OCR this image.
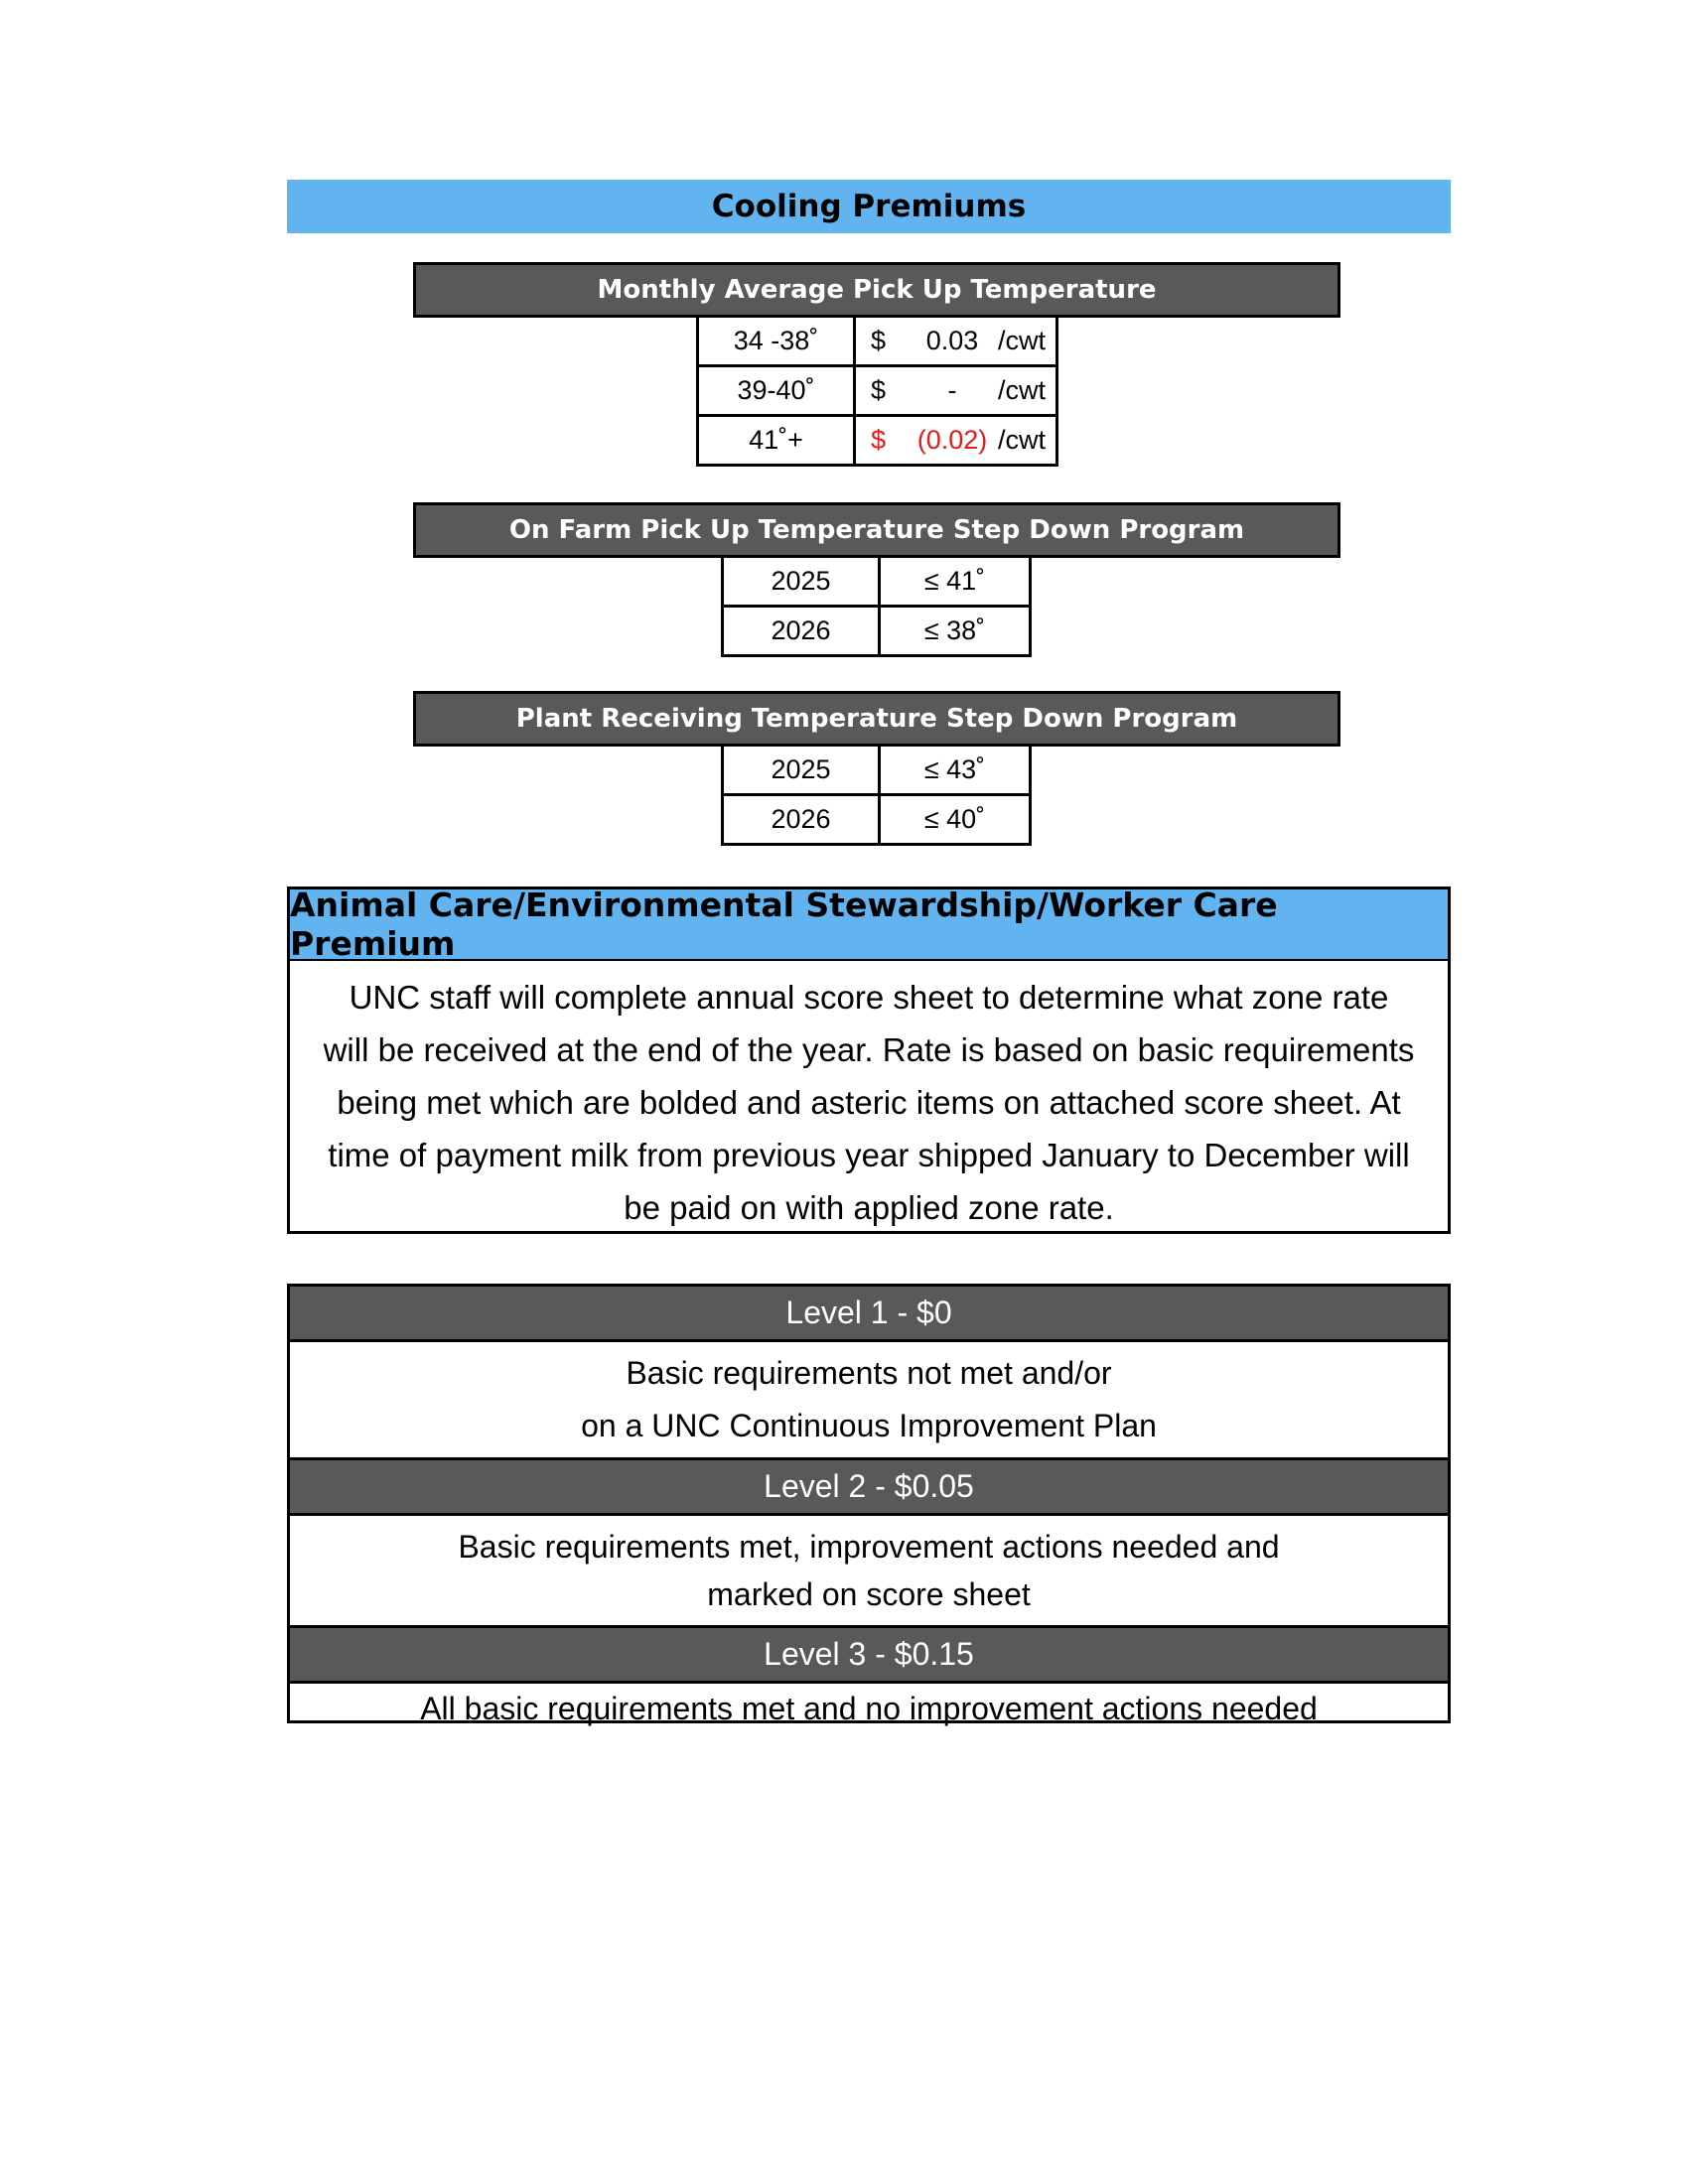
Cooling Premiums
Monthly Average Pick Up Temperature
34 -38˚	$ 0.03 /cwt

39-40˚	$ - /cwt

41˚+	$ (0.02) /cwt
On Farm Pick Up Temperature Step Down Program
2025	≤ 41˚
2026	≤ 38˚
Plant Receiving Temperature Step Down Program
2025	≤ 43˚
2026	≤ 40˚
Animal Care/Environmental Stewardship/Worker Care Premium
UNC staff will complete annual score sheet to determine what zone rate
will be received at the end of the year. Rate is based on basic requirements
being met which are bolded and asteric items on attached score sheet. At
time of payment milk from previous year shipped January to December will
be paid on with applied zone rate.
Level 1 - $0
Basic requirements not met and/or
on a UNC Continuous Improvement Plan
Level 2 - $0.05
Basic requirements met, improvement actions needed and
marked on score sheet
Level 3 - $0.15
All basic requirements met and no improvement actions needed
